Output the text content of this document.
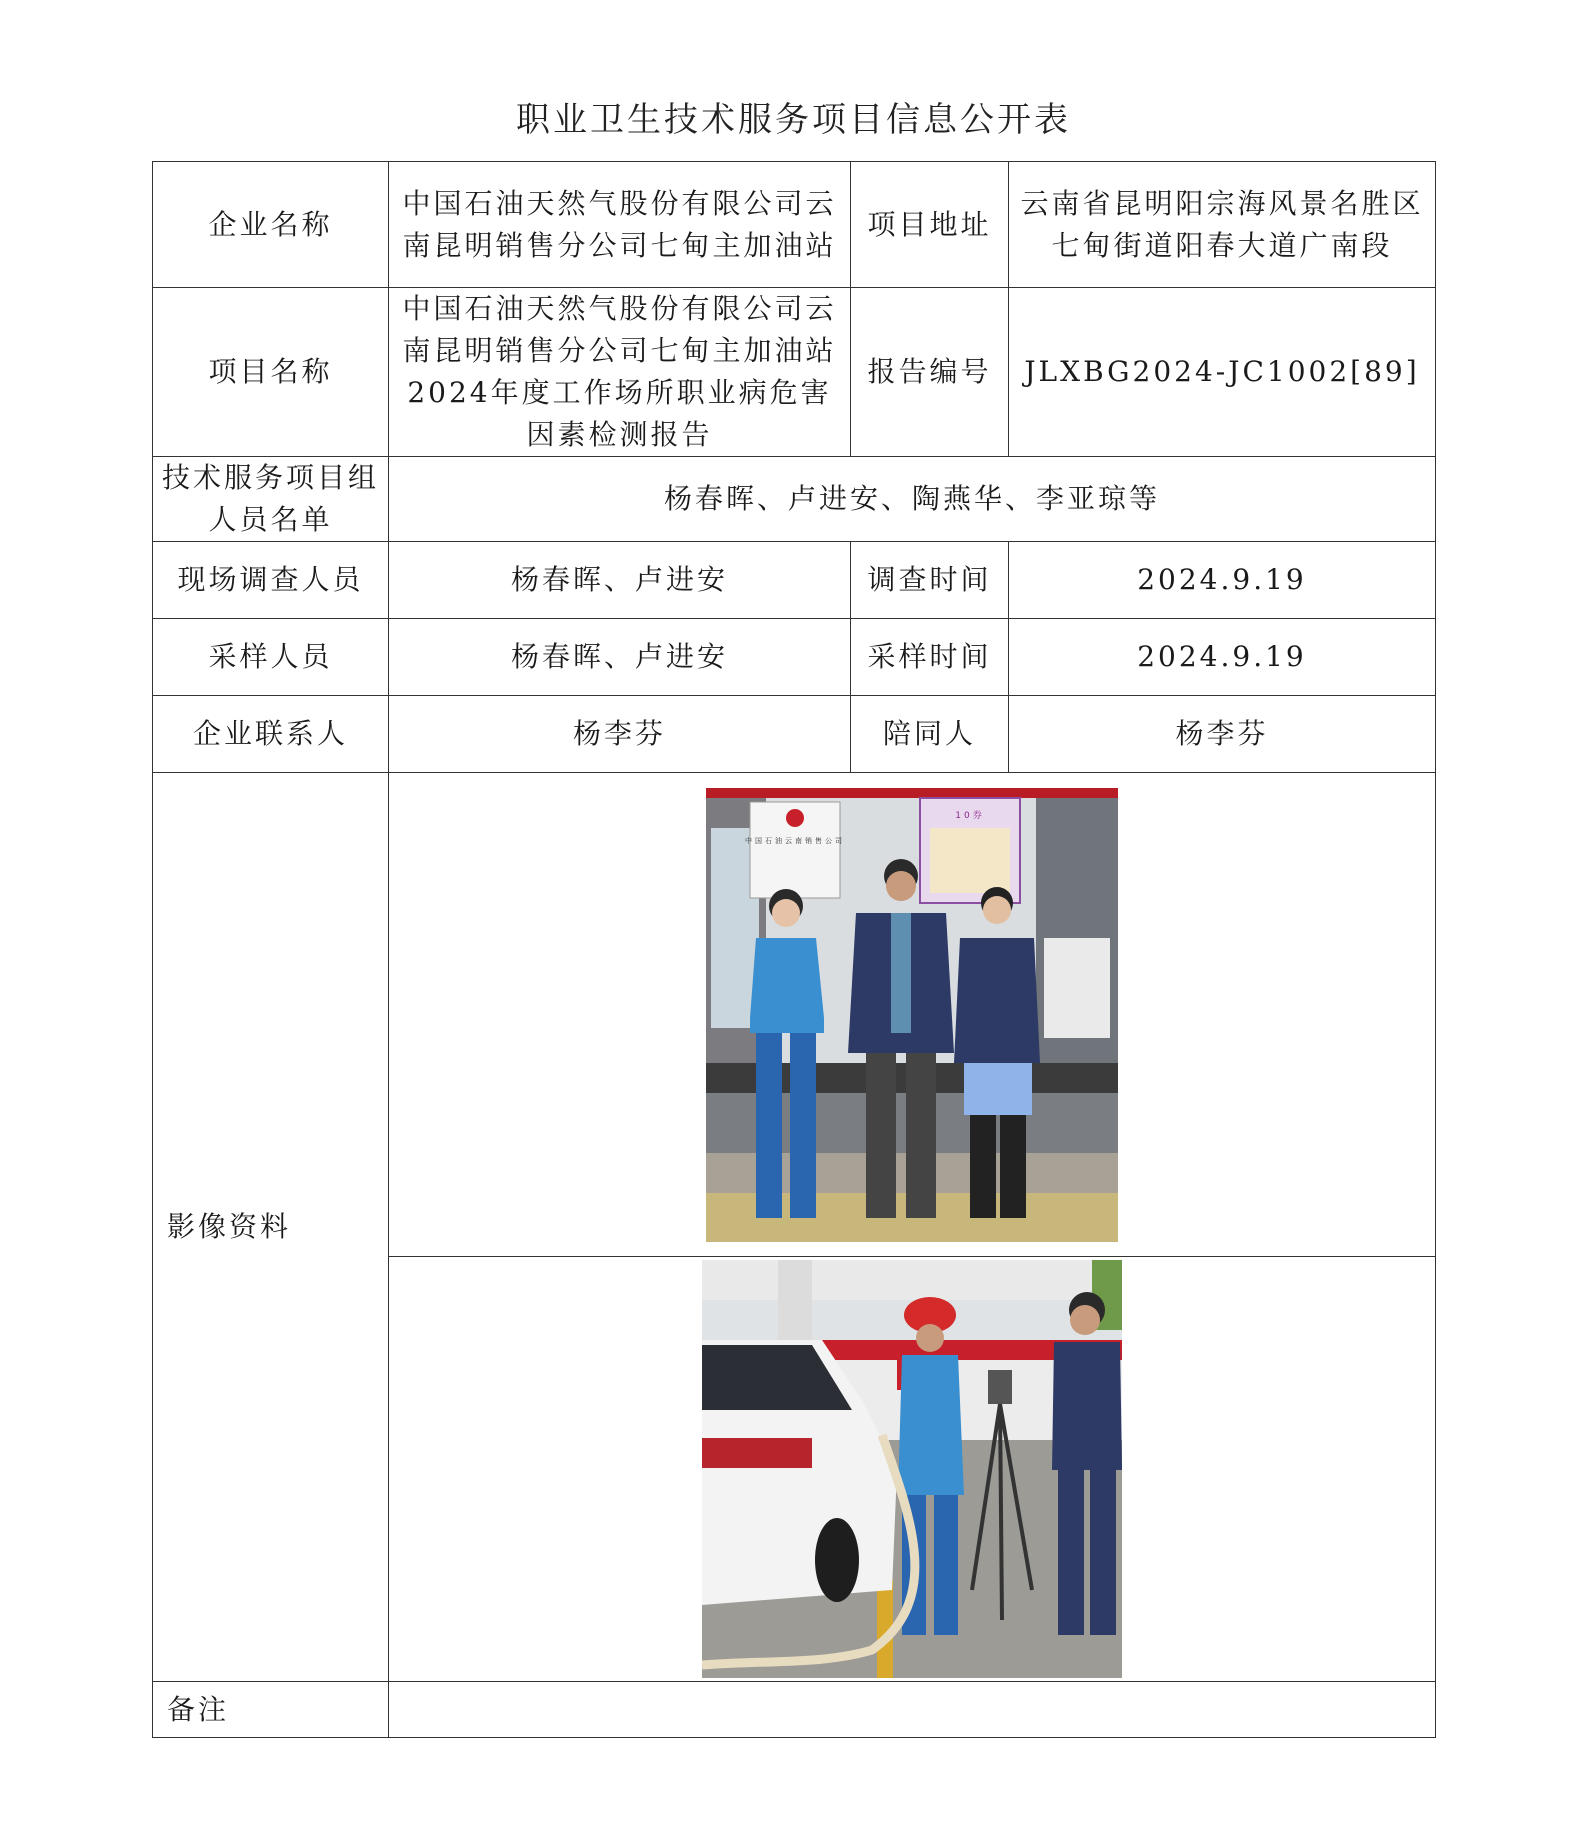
职业卫生技术服务项目信息公开表
企业名称	中国石油天然气股份有限公司云南昆明销售分公司七甸主加油站	项目地址	云南省昆明阳宗海风景名胜区七甸街道阳春大道广南段
项目名称	中国石油天然气股份有限公司云南昆明销售分公司七甸主加油站2024年度工作场所职业病危害因素检测报告	报告编号	JLXBG2024-JC1002[89]
技术服务项目组人员名单	杨春晖、卢进安、陶燕华、李亚琼等		
现场调查人员	杨春晖、卢进安	调查时间	2024.9.19
采样人员	杨春晖、卢进安	采样时间	2024.9.19
企业联系人	杨李芬	陪同人	杨李芬
影像资料	中国石油云南销售公司
10券		

备注			
